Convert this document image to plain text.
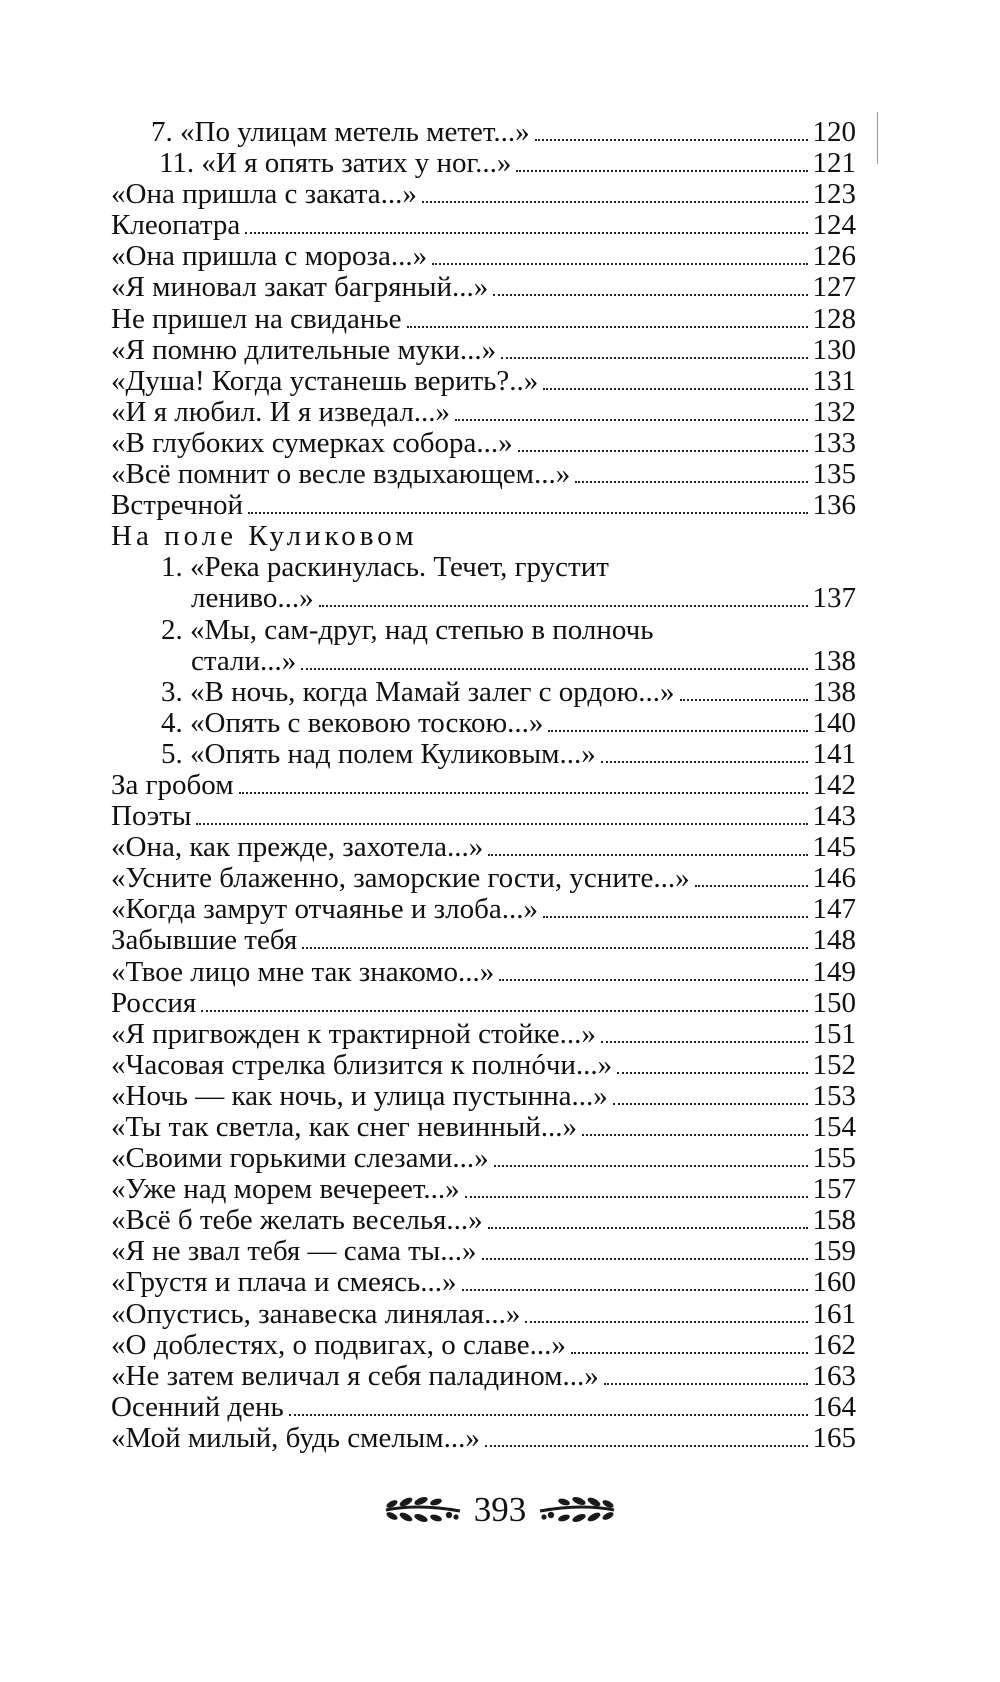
7. «По улицам метель метет...»	120
11. «И я опять затих у ног...»	121
«Она пришла с заката...»	123
Клеопатра	124
«Она пришла с мороза...»	126
«Я миновал закат багряный...»	127
Не пришел на свиданье	128
«Я помню длительные муки...»	130
«Душа! Когда устанешь верить?..»	131
«И я любил. И я изведал...»	132
«В глубоких сумерках собора...»	133
«Всё помнит о весле вздыхающем...»	135
Встречной	136
На поле Куликовом
1. «Река раскинулась. Течет, грустит
лениво...»	137
2. «Мы, сам-друг, над степью в полночь
стали...»	138
3. «В ночь, когда Мамай залег с ордою...»	138
4. «Опять с вековою тоскою...»	140
5. «Опять над полем Куликовым...»	141
За гробом	142
Поэты	143
«Она, как прежде, захотела...»	145
«Усните блаженно, заморские гости, усните...»	146
«Когда замрут отчаянье и злоба...»	147
Забывшие тебя	148
«Твое лицо мне так знакомо...»	149
Россия	150
«Я пригвожден к трактирной стойке...»	151
«Часовая стрелка близится к полнóчи...»	152
«Ночь — как ночь, и улица пустынна...»	153
«Ты так светла, как снег невинный...»	154
«Своими горькими слезами...»	155
«Уже над морем вечереет...»	157
«Всё б тебе желать веселья...»	158
«Я не звал тебя — сама ты...»	159
«Грустя и плача и смеясь...»	160
«Опустись, занавеска линялая...»	161
«О доблестях, о подвигах, о славе...»	162
«Не затем величал я себя паладином...»	163
Осенний день	164
«Мой милый, будь смелым...»	165
393
